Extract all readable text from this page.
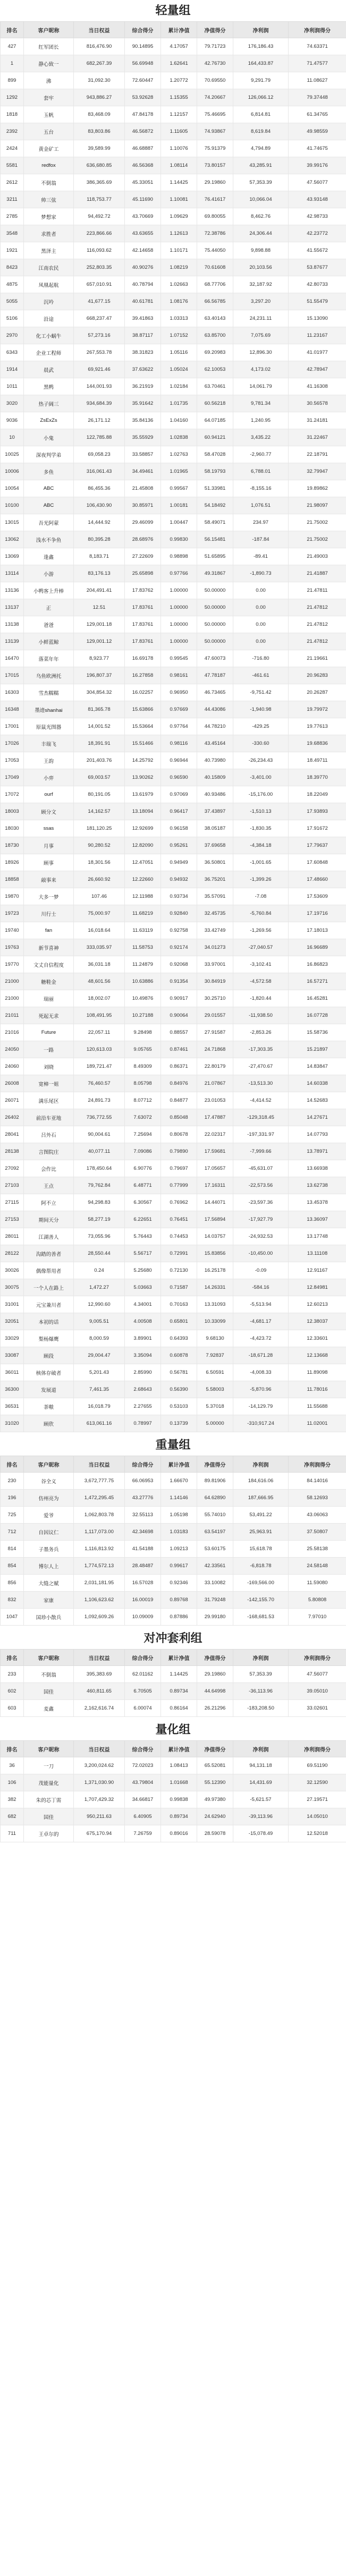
轻量组
排名	客户昵称	当日权益	综合得分	累计净值	净值得分	净利润	净利润得分
427	红军团长	816,476.90	90.14895	4.17057	79.71723	176,186.43	74.63371
1	静心致一	682,267.39	56.69948	1.62641	42.76730	164,433.87	71.47577
899	沸	31,092.30	72.60447	1.20772	70.69550	9,291.79	11.08627
1292	套牢	943,886.27	53.92628	1.15355	74.20667	126,066.12	79.37448
1818	玉帆	83,468.09	47.84178	1.12157	75.46695	6,814.81	61.34765
2392	五台	83,803.86	46.56872	1.11605	74.93867	8,619.84	49.98559
2424	黄金矿工	39,589.99	46.68887	1.10076	75.91379	4,794.89	41.74675
5581	redfox	636,680.85	46.56368	1.08114	73.80157	43,285.91	39.99176
2612	不倒翁	386,365.69	45.33051	1.14425	29.19860	57,353.39	47.56077
3211	帅三弦	118,753.77	45.11690	1.10081	76.41617	10,066.04	43.93148
2785	梦想家	94,492.72	43.70669	1.09629	69.80055	8,462.76	42.98733
3548	求胜者	223,866.66	43.63655	1.12613	72.38786	24,306.44	42.23772
1921	黑泽主	116,093.62	42.14658	1.10171	75.44050	9,898.88	41.55672
8423	江南农民	252,803.35	40.90276	1.08219	70.61608	20,103.56	53.87677
4875	凤凰起航	657,010.91	40.78794	1.02663	68.77706	32,187.92	42.80733
5055	沉吟	41,677.15	40.61781	1.08176	66.56785	3,297.20	51.55479
5106	沿途	668,237.47	39.41863	1.03313	63.40143	24,231.11	15.13090
2970	化工小蜗牛	57,273.16	38.87117	1.07152	63.85700	7,075.69	11.23167
6343	企业工程师	267,553.78	38.31823	1.05116	69.20983	12,896.30	41.01977
1914	晨武	69,921.46	37.63622	1.05024	62.10053	4,173.02	42.78947
1011	黑鸭	144,001.93	36.21919	1.02184	63.70461	14,061.79	41.16308
3020	热子阔三	934,684.39	35.91642	1.01735	60.56218	9,781.34	30.56578
9036	ZsExZs	26,171.12	35.84136	1.04160	64.07185	1,240.95	31.24181
10	小鬼	122,785.88	35.55929	1.02838	60.94121	3,435.22	31.22467
10025	深夜判学弟	69,058.23	33.58857	1.02763	58.47028	-2,960.77	22.18791
10006	多鱼	316,061.43	34.49461	1.01965	58.19793	6,788.01	32.79947
10054	ABC	86,455.36	21.45808	0.99567	51.33981	-8,155.16	19.89862
10100	ABC	106,430.90	30.85971	1.00181	54.18492	1,076.51	21.98097
13015	吾光阿蒙	14,444.92	29.46099	1.00447	58.49071	234.97	21.75002
13062	浅水不争鱼	80,395.28	28.68976	0.99830	56.15481	-187.84	21.75002
13069	逢鑫	8,183.71	27.22609	0.98898	51.65895	-89.41	21.49003
13114	小游	83,176.13	25.65898	0.97766	49.31867	-1,890.73	21.41887
13136	小鸭客上升棒	204,491.41	17.83762	1.00000	50.00000	0.00	21.47811
13137	正	12.51	17.83761	1.00000	50.00000	0.00	21.47812
13138	爸爸	129,001.18	17.83761	1.00000	50.00000	0.00	21.47812
13139	小鲜蓝鲸	129,001.12	17.83761	1.00000	50.00000	0.00	21.47812
16470	落菜年年	8,923.77	16.69178	0.99545	47.60073	-716.80	21.19661
17015	乌鱼欧洲托	196,807.37	16.27858	0.98161	47.78187	-461.61	20.96283
16303	雪杰糯糯	304,854.32	16.02257	0.96950	46.73465	-9,751.42	20.26287
16348	墨迹shanhai	81,365.78	15.63866	0.97669	44.43086	-1,940.98	19.79972
17001	原鼠光图器	14,001.52	15.53664	0.97764	44.78210	-429.25	19.77613
17026	丰瑞飞	18,391.91	15.51466	0.98116	43.45164	-330.60	19.68836
17053	王韵	201,403.76	14.25792	0.96944	40.73980	-26,234.43	18.49711
17049	小弈	69,003.57	13.90262	0.96590	40.15809	-3,401.00	18.39770
17072	ourf	80,191.05	13.61979	0.97069	40.93486	-15,176.00	18.22049
18003	顾分文	14,162.57	13.18094	0.96417	37.43897	-1,510.13	17.93893
18030	ssas	181,120.25	12.92699	0.96158	38.05187	-1,830.35	17.91672
18730	月事	90,280.52	12.82090	0.95261	37.69658	-4,384.18	17.79637
18926	顾事	18,301.56	12.47051	0.94949	36.50801	-1,001.65	17.60848
18858	敲事来	26,660.92	12.22660	0.94932	36.75201	-1,399.26	17.48660
19870	大多一梦	107.46	12.11988	0.93734	35.57091	-7.08	17.53609
19723	川行士	75,000.97	11.68219	0.92840	32.45735	-5,760.84	17.19716
19740	fan	16,018.64	11.63119	0.92758	33.42749	-1,269.56	17.18013
19763	新节喜神	333,035.97	11.58753	0.92174	34.01273	-27,040.57	16.96689
19770	文丈自信程度	36,031.18	11.24879	0.92068	33.97001	-3,102.41	16.86823
21000	糖鞋金	48,601.56	10.63886	0.91354	30.84919	-4,572.58	16.57271
21000	瑞丽	18,002.07	10.49876	0.90917	30.25710	-1,820.44	16.45281
21011	死起无求	108,491.95	10.27188	0.90064	29.01557	-11,938.50	16.07728
21016	Future	22,057.11	9.28498	0.88557	27.91587	-2,853.26	15.58736
24050	一路	120,613.03	9.05765	0.87461	24.71868	-17,303.35	15.21897
24060	刘晓	189,721.47	8.49309	0.86371	22.80179	-27,470.67	14.83847
26008	宽樟一姐	76,460.57	8.05798	0.84976	21.07867	-13,513.30	14.60338
26071	满乐尾区	24,891.73	8.07712	0.84877	23.01053	-4,414.52	14.52683
26402	前沿车亚地	736,772.55	7.63072	0.85048	17.47887	-129,318.45	14.27671
28041	吕外石	90,004.61	7.25694	0.80678	22.02317	-197,331.97	14.07793
28138	言图院庄	40,077.11	7.09086	0.79890	17.59681	-7,999.66	13.78971
27092	会作比	178,450.64	6.90776	0.79697	17.05657	-45,631.07	13.66938
27103	王点	79,762.84	6.48771	0.77999	17.16311	-22,573.56	13.62738
27115	阿不立	94,298.83	6.30567	0.76962	14.44071	-23,597.36	13.45378
27153	期间天分	58,277.19	6.22651	0.76451	17.56894	-17,927.79	13.36097
28011	江湖善人	73,055.96	5.76443	0.74453	14.03757	-24,932.53	13.17748
28122	沟踏的善者	28,550.44	5.56717	0.72991	15.83856	-10,450.00	13.11108
30026	偶像帮用者	0.24	5.25680	0.72130	16.25178	-0.09	12.91167
30075	一个人在路上	1,472.27	5.03663	0.71587	14.26331	-584.16	12.84981
31001	元宝兼川者	12,990.60	4.34001	0.70163	13.31093	-5,513.94	12.60213
32051	本初的话	9,005.51	4.00508	0.65801	10.33099	-4,681.17	12.38037
33029	梨杨爆鹰	8,000.59	3.89901	0.64393	9.68130	-4,423.72	12.33601
33087	顾段	29,004.47	3.35094	0.60878	7.92837	-18,671.28	12.13668
36011	核体存破者	5,201.43	2.85990	0.56781	6.50591	-4,008.33	11.89098
36300	发展道	7,461.35	2.68643	0.56390	5.58003	-5,870.96	11.78016
36531	茶嗷	16,018.79	2.27655	0.53103	5.37018	-14,129.79	11.55688
31020	顾欣	613,061.16	0.78997	0.13739	5.00000	-310,917.24	11.02001
重量组
排名	客户昵称	当日权益	综合得分	累计净值	净值得分	净利润	净利润得分
230	谷全义	3,672,777.75	66.06953	1.66670	89.81906	184,616.06	84.14016
196	仿州亮为	1,472,295.45	43.27776	1.14146	64.62890	187,666.95	58.12693
725	爱爷	1,062,803.78	32.55113	1.05198	55.74010	53,491.22	43.06063
712	自因议仁	1,117,073.00	42.34698	1.03183	63.54197	25,963.91	37.50807
814	子墨务兵	1,116,813.92	41.54188	1.09213	53.60175	15,618.78	25.58138
854	博尔人上	1,774,572.13	28.48487	0.99617	42.33561	-6,818.78	24.58148
856	大缝之赋	2,031,181.95	16.57028	0.92346	33.10082	-169,566.00	11.59080
832	家康	1,106,623.62	16.00019	0.89768	31.79248	-142,155.70	5.80808
1047	国珍小散兵	1,092,609.26	10.09009	0.87886	29.99180	-168,681.53	7.97010
对冲套利组
排名	客户昵称	当日权益	综合得分	累计净值	净值得分	净利润	净利润得分
233	不倒翁	395,383.69	62.01162	1.14425	29.19860	57,353.39	47.56077
602	国佳	460,811.65	6.70505	0.89734	44.64998	-36,113.96	39.05010
603	麦鑫	2,162,616.74	6.00074	0.86164	26.21296	-183,208.50	33.02601
量化组
排名	客户昵称	当日权益	综合得分	累计净值	净值得分	净利润	净利润得分
36	一刀	3,200,024.62	72.02023	1.08413	65.52081	94,131.18	69.51190
106	茂能量化	1,371,030.90	43.79804	1.01668	55.12390	14,431.69	32.12590
382	朱的芯丁需	1,707,429.32	34.66817	0.99838	49.97380	-5,621.57	27.19571
682	国佳	950,211.63	6.40905	0.89734	24.62940	-39,113.96	14.05010
711	王卓尔的	675,170.94	7.26759	0.89016	28.59078	-15,078.49	12.52018
